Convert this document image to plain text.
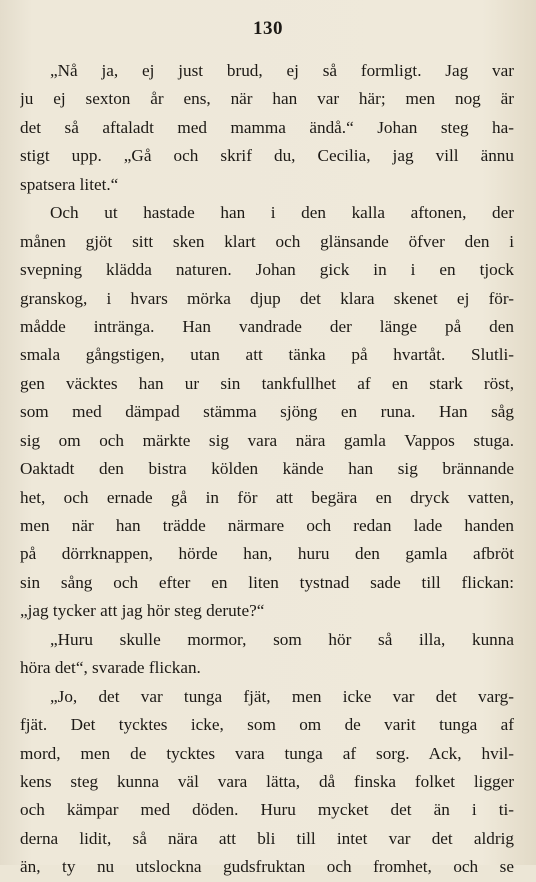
130
„Nå ja, ej just brud, ej så formligt. Jag var
ju ej sexton år ens, när han var här; men nog är
det så aftaladt med mamma ändå.“ Johan steg ha-
stigt upp. „Gå och skrif du, Cecilia, jag vill ännu
spatsera litet.“
Och ut hastade han i den kalla aftonen, der
månen gjöt sitt sken klart och glänsande öfver den i
svepning klädda naturen. Johan gick in i en tjock
granskog, i hvars mörka djup det klara skenet ej för-
mådde intränga. Han vandrade der länge på den
smala gångstigen, utan att tänka på hvartåt. Slutli-
gen väcktes han ur sin tankfullhet af en stark röst,
som med dämpad stämma sjöng en runa. Han såg
sig om och märkte sig vara nära gamla Vappos stuga.
Oaktadt den bistra kölden kände han sig brännande
het, och ernade gå in för att begära en dryck vatten,
men när han trädde närmare och redan lade handen
på dörrknappen, hörde han, huru den gamla afbröt
sin sång och efter en liten tystnad sade till flickan:
„jag tycker att jag hör steg derute?“
„Huru skulle mormor, som hör så illa, kunna
höra det“, svarade flickan.
„Jo, det var tunga fjät, men icke var det varg-
fjät. Det tycktes icke, som om de varit tunga af
mord, men de tycktes vara tunga af sorg. Ack, hvil-
kens steg kunna väl vara lätta, då finska folket ligger
och kämpar med döden. Huru mycket det än i ti-
derna lidit, så nära att bli till intet var det aldrig
än, ty nu utslocknа gudsfruktan och fromhet, och se
